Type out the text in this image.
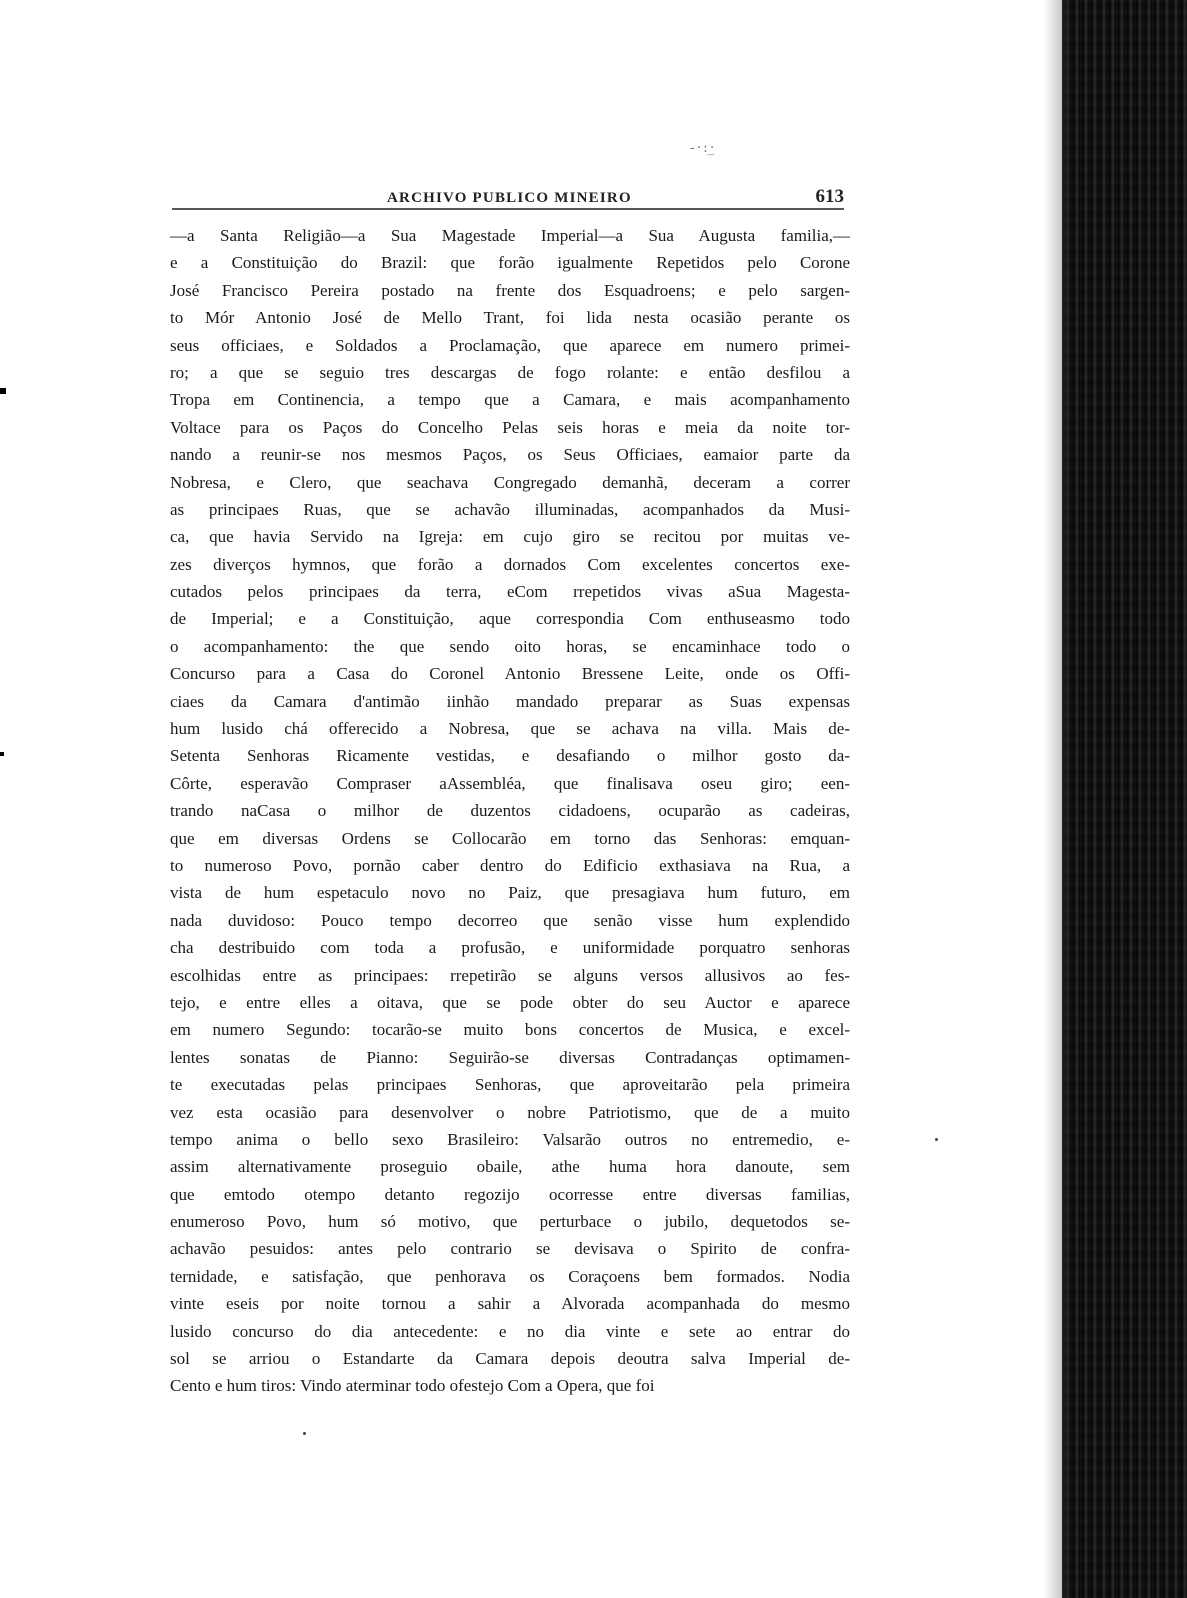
-·:·̲
ARCHIVO PUBLICO MINEIRO	613
—a Santa Religião—a Sua Magestade Imperial—a Sua Augusta familia,—
e a Constituição do Brazil: que forão igualmente Repetidos pelo Corone
José Francisco Pereira postado na frente dos Esquadroens; e pelo sargen-
to Mór Antonio José de Mello Trant, foi lida nesta ocasião perante os
seus officiaes, e Soldados a Proclamação, que aparece em numero primei-
ro; a que se seguio tres descargas de fogo rolante: e então desfilou a
Tropa em Continencia, a tempo que a Camara, e mais acompanhamento
Voltace para os Paços do Concelho Pelas seis horas e meia da noite tor-
nando a reunir-se nos mesmos Paços, os Seus Officiaes, eamaior parte da
Nobresa, e Clero, que seachava Congregado demanhã, deceram a correr
as principaes Ruas, que se achavão illuminadas, acompanhados da Musi-
ca, que havia Servido na Igreja: em cujo giro se recitou por muitas ve-
zes diverços hymnos, que forão a dornados Com excelentes concertos exe-
cutados pelos principaes da terra, eCom rrepetidos vivas aSua Magesta-
de Imperial; e a Constituição, aque correspondia Com enthuseasmo todo
o acompanhamento: the que sendo oito horas, se encaminhace todo o
Concurso para a Casa do Coronel Antonio Bressene Leite, onde os Offi-
ciaes da Camara d'antimão iinhão mandado preparar as Suas expensas
hum lusido chá offerecido a Nobresa, que se achava na villa. Mais de-
Setenta Senhoras Ricamente vestidas, e desafiando o milhor gosto da-
Côrte, esperavão Compraser aAssembléa, que finalisava oseu giro; een-
trando naCasa o milhor de duzentos cidadoens, ocuparão as cadeiras,
que em diversas Ordens se Collocarão em torno das Senhoras: emquan-
to numeroso Povo, pornão caber dentro do Edificio exthasiava na Rua, a
vista de hum espetaculo novo no Paiz, que presagiava hum futuro, em
nada duvidoso: Pouco tempo decorreo que senão visse hum explendido
cha destribuido com toda a profusão, e uniformidade porquatro senhoras
escolhidas entre as principaes: rrepetirão se alguns versos allusivos ao fes-
tejo, e entre elles a oitava, que se pode obter do seu Auctor e aparece
em numero Segundo: tocarão-se muito bons concertos de Musica, e excel-
lentes sonatas de Pianno: Seguirão-se diversas Contradanças optimamen-
te executadas pelas principaes Senhoras, que aproveitarão pela primeira
vez esta ocasião para desenvolver o nobre Patriotismo, que de a muito
tempo anima o bello sexo Brasileiro: Valsarão outros no entremedio, e-
assim alternativamente proseguio obaile, athe huma hora danoute, sem
que emtodo otempo detanto regozijo ocorresse entre diversas familias,
enumeroso Povo, hum só motivo, que perturbace o jubilo, dequetodos se-
achavão pesuidos: antes pelo contrario se devisava o Spirito de confra-
ternidade, e satisfação, que penhorava os Coraçoens bem formados. Nodia
vinte eseis por noite tornou a sahir a Alvorada acompanhada do mesmo
lusido concurso do dia antecedente: e no dia vinte e sete ao entrar do
sol se arriou o Estandarte da Camara depois deoutra salva Imperial de-
Cento e hum tiros: Vindo aterminar todo ofestejo Com a Opera, que foi
